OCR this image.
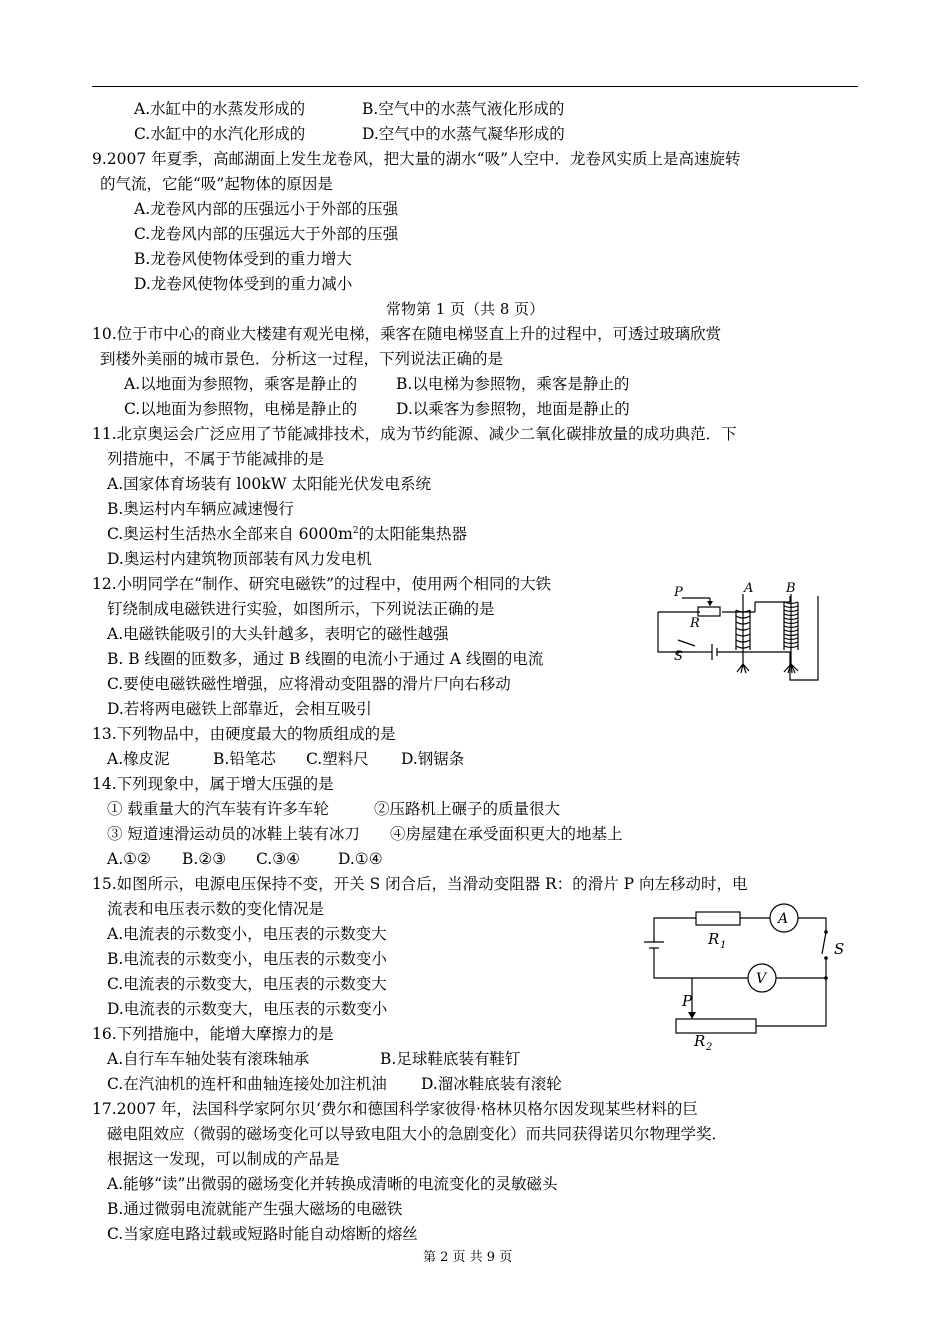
A.水缸中的水蒸发形成的	B.空气中的水蒸气液化形成的
C.水缸中的水汽化形成的	D.空气中的水蒸气凝华形成的
9.2007 年夏季，高邮湖面上发生龙卷风，把大量的湖水“吸”人空中．龙卷风实质上是高速旋转
的气流，它能“吸”起物体的原因是
A.龙卷风内部的压强远小于外部的压强
C.龙卷风内部的压强远大于外部的压强
B.龙卷风使物体受到的重力增大
D.龙卷风使物体受到的重力减小
常物第 1 页（共 8 页）
10.位于市中心的商业大楼建有观光电梯，乘客在随电梯竖直上升的过程中，可透过玻璃欣赏
到楼外美丽的城市景色．分析这一过程，下列说法正确的是
A.以地面为参照物，乘客是静止的	B.以电梯为参照物，乘客是静止的
C.以地面为参照物，电梯是静止的	D.以乘客为参照物，地面是静止的
11.北京奥运会广泛应用了节能减排技术，成为节约能源、减少二氧化碳排放量的成功典范．下
列措施中，不属于节能减排的是
A.国家体育场装有 l00kW 太阳能光伏发电系统
B.奥运村内车辆应减速慢行
C.奥运村生活热水全部来自 $6000m^2$的太阳能集热器
D.奥运村内建筑物顶部装有风力发电机
12.小明同学在“制作、研究电磁铁”的过程中，使用两个相同的大铁
钉绕制成电磁铁进行实验，如图所示，下列说法正确的是
A.电磁铁能吸引的大头针越多，表明它的磁性越强
B. B 线圈的匝数多，通过 B 线圈的电流小于通过 A 线圈的电流
C.要使电磁铁磁性增强，应将滑动变阻器的滑片尸向右移动
D.若将两电磁铁上部靠近，会相互吸引
P
R
A	B
S
13.下列物品中，由硬度最大的物质组成的是
A.橡皮泥	B.铅笔芯 C.塑料尺 D.钢锯条
14.下列现象中，属于增大压强的是
① 载重量大的汽车装有许多车轮	②压路机上碾子的质量很大
③ 短道速滑运动员的冰鞋上装有冰刀 ④房屋建在承受面积更大的地基上
A.①② B.②③ C.③④ D.①④
15.如图所示，电源电压保持不变，开关 S 闭合后，当滑动变阻器 R：的滑片 P 向左移动时，电
流表和电压表示数的变化情况是
A.电流表的示数变小，电压表的示数变大
B.电流表的示数变小，电压表的示数变小
C.电流表的示数变大，电压表的示数变大
D.电流表的示数变大，电压表的示数变小
A
V
S
R 1
P
R 2
16.下列措施中，能增大摩擦力的是
A.自行车车轴处装有滚珠轴承	B.足球鞋底装有鞋钉
C.在汽油机的连杆和曲轴连接处加注机油 D.溜冰鞋底装有滚轮
17.2007 年，法国科学家阿尔贝‘费尔和德国科学家彼得·格林贝格尔因发现某些材料的巨
磁电阻效应（微弱的磁场变化可以导致电阻大小的急剧变化）而共同获得诺贝尔物理学奖．
根据这一发现，可以制成的产品是
A.能够“读”出微弱的磁场变化并转换成清晰的电流变化的灵敏磁头
B.通过微弱电流就能产生强大磁场的电磁铁
C.当家庭电路过载或短路时能自动熔断的熔丝
第 2 页 共 9 页
